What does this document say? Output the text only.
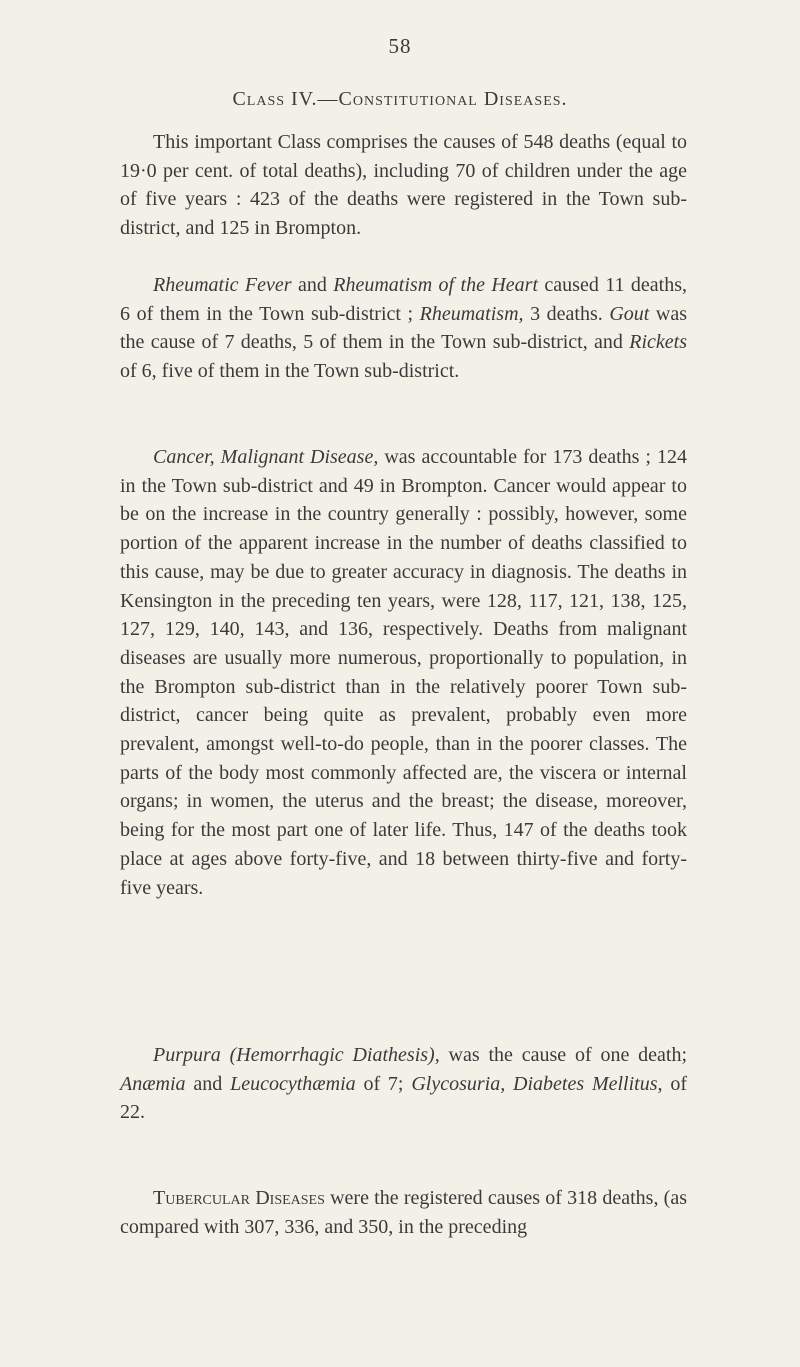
58
Class IV.—Constitutional Diseases.

This important Class comprises the causes of 548 deaths (equal to 19·0 per cent. of total deaths), including 70 of children under the age of five years : 423 of the deaths were registered in the Town sub-district, and 125 in Brompton.

Rheumatic Fever and Rheumatism of the Heart caused 11 deaths, 6 of them in the Town sub-district ; Rheumatism, 3 deaths. Gout was the cause of 7 deaths, 5 of them in the Town sub-district, and Rickets of 6, five of them in the Town sub-district.

Cancer, Malignant Disease, was accountable for 173 deaths ; 124 in the Town sub-district and 49 in Brompton. Cancer would appear to be on the increase in the country generally : possibly, however, some portion of the apparent increase in the number of deaths classified to this cause, may be due to greater accuracy in diagnosis. The deaths in Kensington in the preceding ten years, were 128, 117, 121, 138, 125, 127, 129, 140, 143, and 136, respectively. Deaths from malignant diseases are usually more numerous, proportionally to population, in the Brompton sub-district than in the relatively poorer Town sub-district, cancer being quite as prevalent, probably even more prevalent, amongst well-to-do people, than in the poorer classes. The parts of the body most commonly affected are, the viscera or internal organs; in women, the uterus and the breast; the disease, moreover, being for the most part one of later life. Thus, 147 of the deaths took place at ages above forty-five, and 18 between thirty-five and forty-five years.

Purpura (Hemorrhagic Diathesis), was the cause of one death; Anæmia and Leucocythæmia of 7; Glycosuria, Diabetes Mellitus, of 22.

Tubercular Diseases were the registered causes of 318 deaths, (as compared with 307, 336, and 350, in the preceding
